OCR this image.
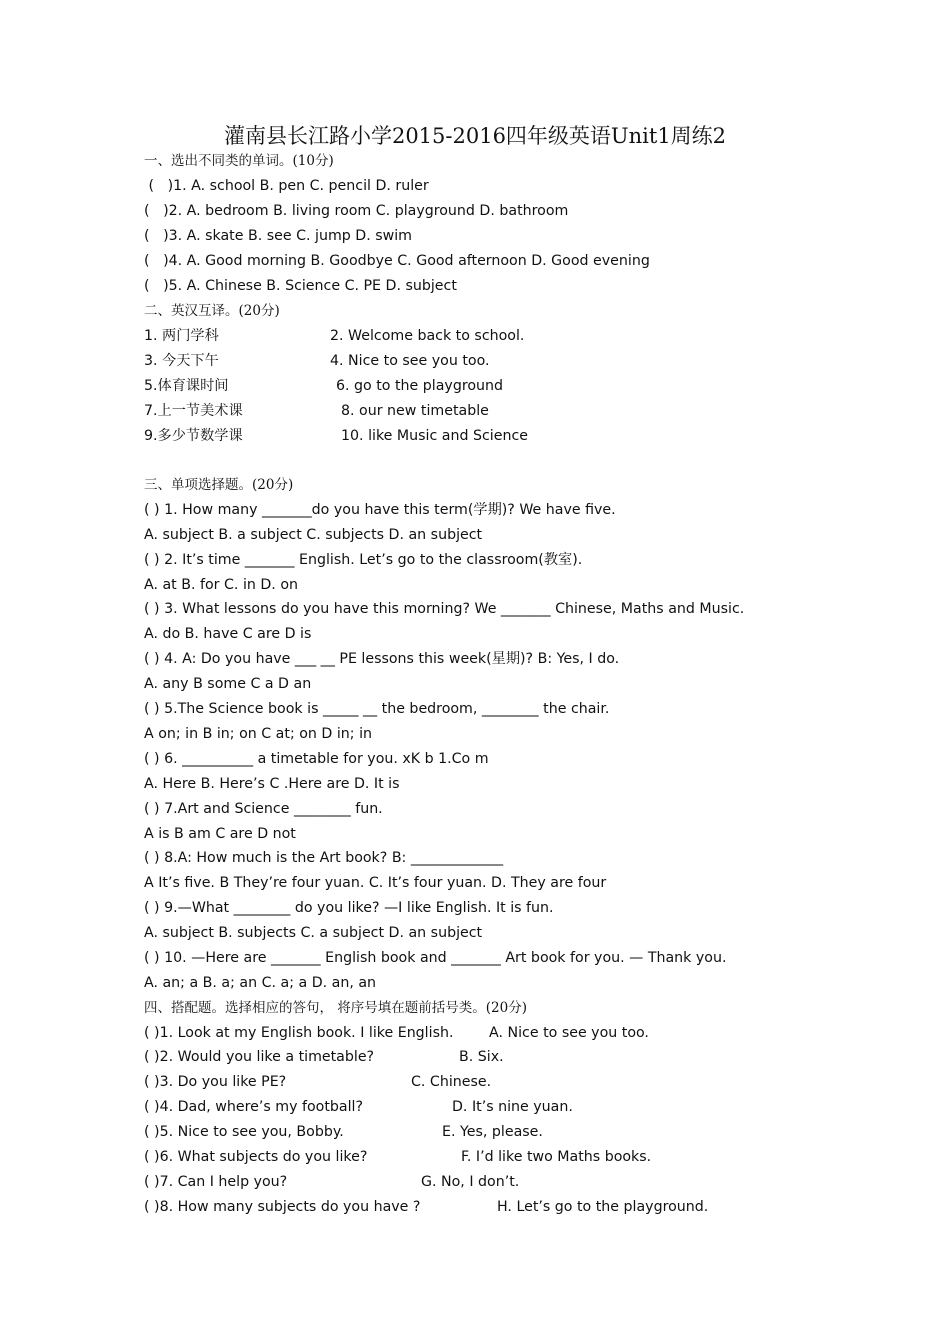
灌南县长江路小学2015-2016四年级英语Unit1周练2
一、选出不同类的单词。(10分)
(   )1. A. school B. pen C. pencil D. ruler
(   )2. A. bedroom B. living room C. playground D. bathroom
(   )3. A. skate B. see C. jump D. swim
(   )4. A. Good morning B. Goodbye C. Good afternoon D. Good evening
(   )5. A. Chinese B. Science C. PE D. subject
二、英汉互译。(20分)
1. 两门学科	2. Welcome back to school.
3. 今天下午	4. Nice to see you too.
5.体育课时间	6. go to the playground
7.上一节美术课	8. our new timetable
9.多少节数学课	10. like Music and Science
三、单项选择题。(20分)
( ) 1. How many _______do you have this term(学期)? We have five.
A. subject B. a subject C. subjects D. an subject
( ) 2. It’s time _______ English. Let’s go to the classroom(教室).
A. at B. for C. in D. on
( ) 3. What lessons do you have this morning? We _______ Chinese, Maths and Music.
A. do B. have C are D is
( ) 4. A: Do you have ___ __ PE lessons this week(星期)? B: Yes, I do.
A. any B some C a D an
( ) 5.The Science book is _____ __ the bedroom, ________ the chair.
A on; in B in; on C at; on D in; in
( ) 6. __________ a timetable for you. xK b 1.Co m
A. Here B. Here’s C .Here are D. It is
( ) 7.Art and Science ________ fun.
A is B am C are D not
( ) 8.A: How much is the Art book? B: _____________
A It’s five. B They’re four yuan. C. It’s four yuan. D. They are four
( ) 9.—What ________ do you like? —I like English. It is fun.
A. subject B. subjects C. a subject D. an subject
( ) 10. —Here are _______ English book and _______ Art book for you. — Thank you.
A. an; a B. a; an C. a; a D. an, an
四、搭配题。选择相应的答句， 将序号填在题前括号类。(20分)
( )1. Look at my English book. I like English.	A. Nice to see you too.
( )2. Would you like a timetable?	B. Six.
( )3. Do you like PE?	C. Chinese.
( )4. Dad, where’s my football?	D. It’s nine yuan.
( )5. Nice to see you, Bobby.	E. Yes, please.
( )6. What subjects do you like?	F. I’d like two Maths books.
( )7. Can I help you?	G. No, I don’t.
( )8. How many subjects do you have ?	H. Let’s go to the playground.
